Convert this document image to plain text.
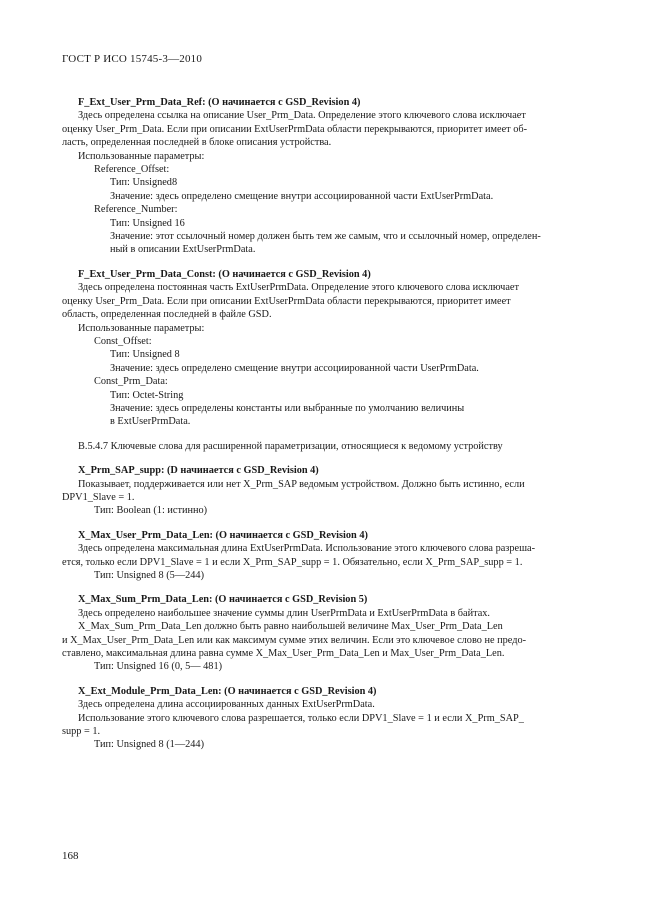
ГОСТ Р ИСО 15745-3—2010
F_Ext_User_Prm_Data_Ref: (О начинается с GSD_Revision 4)
Здесь определена ссылка на описание User_Prm_Data. Определение этого ключевого слова исключает
оценку User_Prm_Data. Если при описании ExtUserPrmData области перекрываются, приоритет имеет об-
ласть, определенная последней в блоке описания устройства.
Использованные параметры:
Reference_Offset:
Тип: Unsigned8
Значение: здесь определено смещение внутри ассоциированной части ExtUserPrmData.
Reference_Number:
Тип: Unsigned 16
Значение: этот ссылочный номер должен быть тем же самым, что и ссылочный номер, определен-
ный в описании ExtUserPrmData.
F_Ext_User_Prm_Data_Const: (О начинается с GSD_Revision 4)
Здесь определена постоянная часть ExtUserPrmData. Определение этого ключевого слова исключает
оценку User_Prm_Data. Если при описании ExtUserPrmData области перекрываются, приоритет имеет
область, определенная последней в файле GSD.
Использованные параметры:
Const_Offset:
Тип: Unsigned 8
Значение: здесь определено смещение внутри ассоциированной части UserPrmData.
Const_Prm_Data:
Тип: Octet-String
Значение: здесь определены константы или выбранные по умолчанию величины
в ExtUserPrmData.
B.5.4.7 Ключевые слова для расширенной параметризации, относящиеся к ведомому устройству
X_Prm_SAP_supp: (D начинается с GSD_Revision 4)
Показывает, поддерживается или нет X_Prm_SAP ведомым устройством. Должно быть истинно, если
DPV1_Slave = 1.
Тип: Boolean (1: истинно)
X_Max_User_Prm_Data_Len: (О начинается с GSD_Revision 4)
Здесь определена максимальная длина ExtUserPrmData. Использование этого ключевого слова разреша-
ется, только если DPV1_Slave = 1 и если X_Prm_SAP_supp = 1. Обязательно, если X_Prm_SAP_supp = 1.
Тип: Unsigned 8 (5—244)
X_Max_Sum_Prm_Data_Len: (О начинается с GSD_Revision 5)
Здесь определено наибольшее значение суммы длин UserPrmData и ExtUserPrmData в байтах.
X_Max_Sum_Prm_Data_Len должно быть равно наибольшей величине Max_User_Prm_Data_Len
и X_Max_User_Prm_Data_Len или как максимум сумме этих величин. Если это ключевое слово не предо-
ставлено, максимальная длина равна сумме X_Max_User_Prm_Data_Len и Max_User_Prm_Data_Len.
Тип: Unsigned 16 (0, 5— 481)
X_Ext_Module_Prm_Data_Len: (О начинается с GSD_Revision 4)
Здесь определена длина ассоциированных данных ExtUserPrmData.
Использование этого ключевого слова разрешается, только если DPV1_Slave = 1 и если X_Prm_SAP_
supp = 1.
Тип: Unsigned 8 (1—244)
168
